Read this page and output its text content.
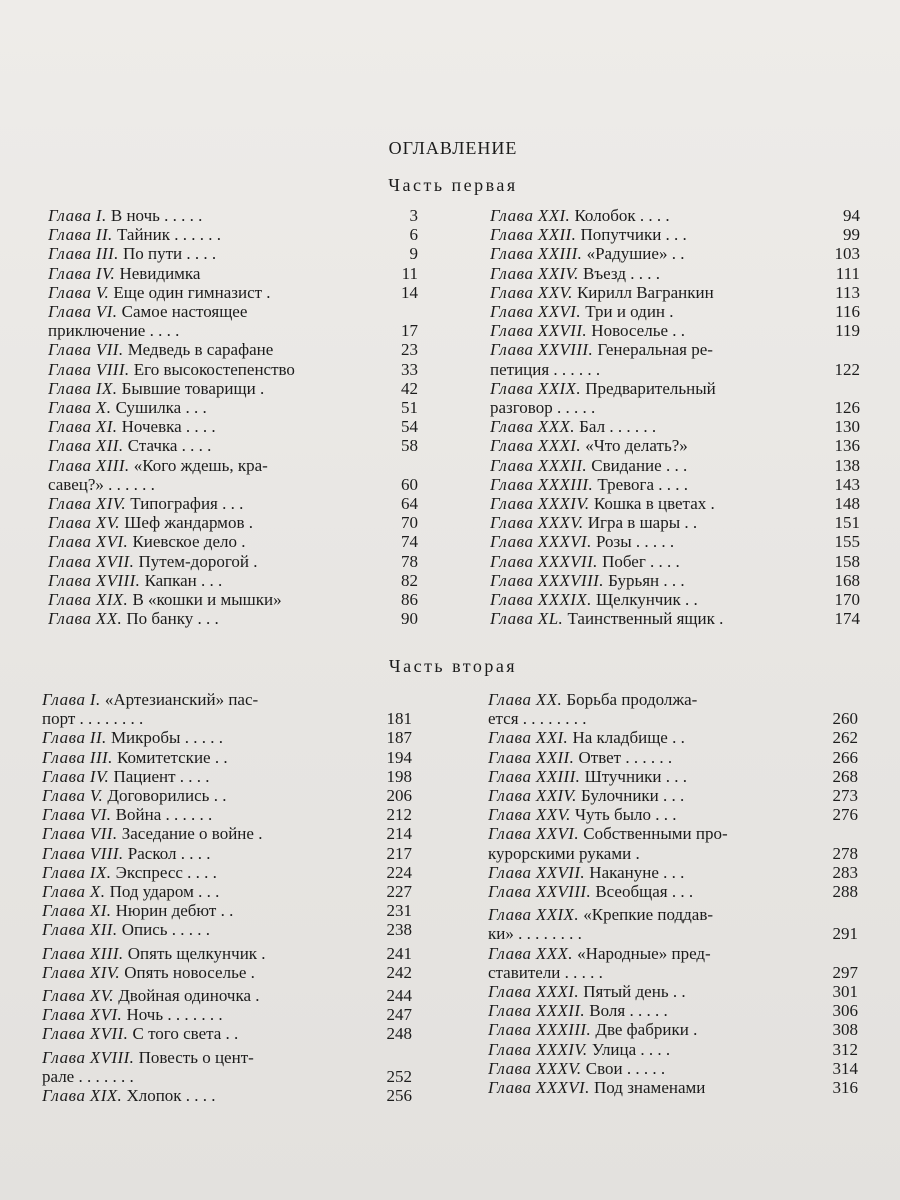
ОГЛАВЛЕНИЕ
Часть первая
Часть вторая
Глава I. В ночь . . . . .	3
Глава II. Тайник . . . . . .	6
Глава III. По пути . . . .	9
Глава IV. Невидимка	11
Глава V. Еще один гимназист .	14
Глава VI. Самое настоящее
приключение . . . .	17
Глава VII. Медведь в сарафане	23
Глава VIII. Его высокостепенство	33
Глава IX. Бывшие товарищи .	42
Глава X. Сушилка . . .	51
Глава XI. Ночевка . . . .	54
Глава XII. Стачка . . . .	58
Глава XIII. «Кого ждешь, кра-
савец?» . . . . . .	60
Глава XIV. Типография . . .	64
Глава XV. Шеф жандармов .	70
Глава XVI. Киевское дело .	74
Глава XVII. Путем-дорогой .	78
Глава XVIII. Капкан . . .	82
Глава XIX. В «кошки и мышки»	86
Глава XX. По банку . . .	90
Глава XXI. Колобок . . . .	94
Глава XXII. Попутчики . . .	99
Глава XXIII. «Радушие» . .	103
Глава XXIV. Въезд . . . .	111
Глава XXV. Кирилл Вагранкин	113
Глава XXVI. Три и один .	116
Глава XXVII. Новоселье . .	119
Глава XXVIII. Генеральная ре-
петиция . . . . . .	122
Глава XXIX. Предварительный
разговор . . . . .	126
Глава XXX. Бал . . . . . .	130
Глава XXXI. «Что делать?»	136
Глава XXXII. Свидание . . .	138
Глава XXXIII. Тревога . . . .	143
Глава XXXIV. Кошка в цветах .	148
Глава XXXV. Игра в шары . .	151
Глава XXXVI. Розы . . . . .	155
Глава XXXVII. Побег . . . .	158
Глава XXXVIII. Бурьян . . .	168
Глава XXXIX. Щелкунчик . .	170
Глава XL. Таинственный ящик .	174
Глава I. «Артезианский» пас-
порт . . . . . . . .	181
Глава II. Микробы . . . . .	187
Глава III. Комитетские . .	194
Глава IV. Пациент . . . .	198
Глава V. Договорились . .	206
Глава VI. Война . . . . . .	212
Глава VII. Заседание о войне .	214
Глава VIII. Раскол . . . .	217
Глава IX. Экспресс . . . .	224
Глава X. Под ударом . . .	227
Глава XI. Нюрин дебют . .	231
Глава XII. Опись . . . . .	238
Глава XIII. Опять щелкунчик .	241
Глава XIV. Опять новоселье .	242
Глава XV. Двойная одиночка .	244
Глава XVI. Ночь . . . . . . .	247
Глава XVII. С того света . .	248
Глава XVIII. Повесть о цент-
рале . . . . . . .	252
Глава XIX. Хлопок . . . .	256
Глава XX. Борьба продолжа-
ется . . . . . . . .	260
Глава XXI. На кладбище . .	262
Глава XXII. Ответ . . . . . .	266
Глава XXIII. Штучники . . .	268
Глава XXIV. Булочники . . .	273
Глава XXV. Чуть было . . .	276
Глава XXVI. Собственными про-
курорскими руками .	278
Глава XXVII. Накануне . . .	283
Глава XXVIII. Всеобщая . . .	288
Глава XXIX. «Крепкие поддав-
ки» . . . . . . . .	291
Глава XXX. «Народные» пред-
ставители . . . . .	297
Глава XXXI. Пятый день . .	301
Глава XXXII. Воля . . . . .	306
Глава XXXIII. Две фабрики .	308
Глава XXXIV. Улица . . . .	312
Глава XXXV. Свои . . . . .	314
Глава XXXVI. Под знаменами	316
